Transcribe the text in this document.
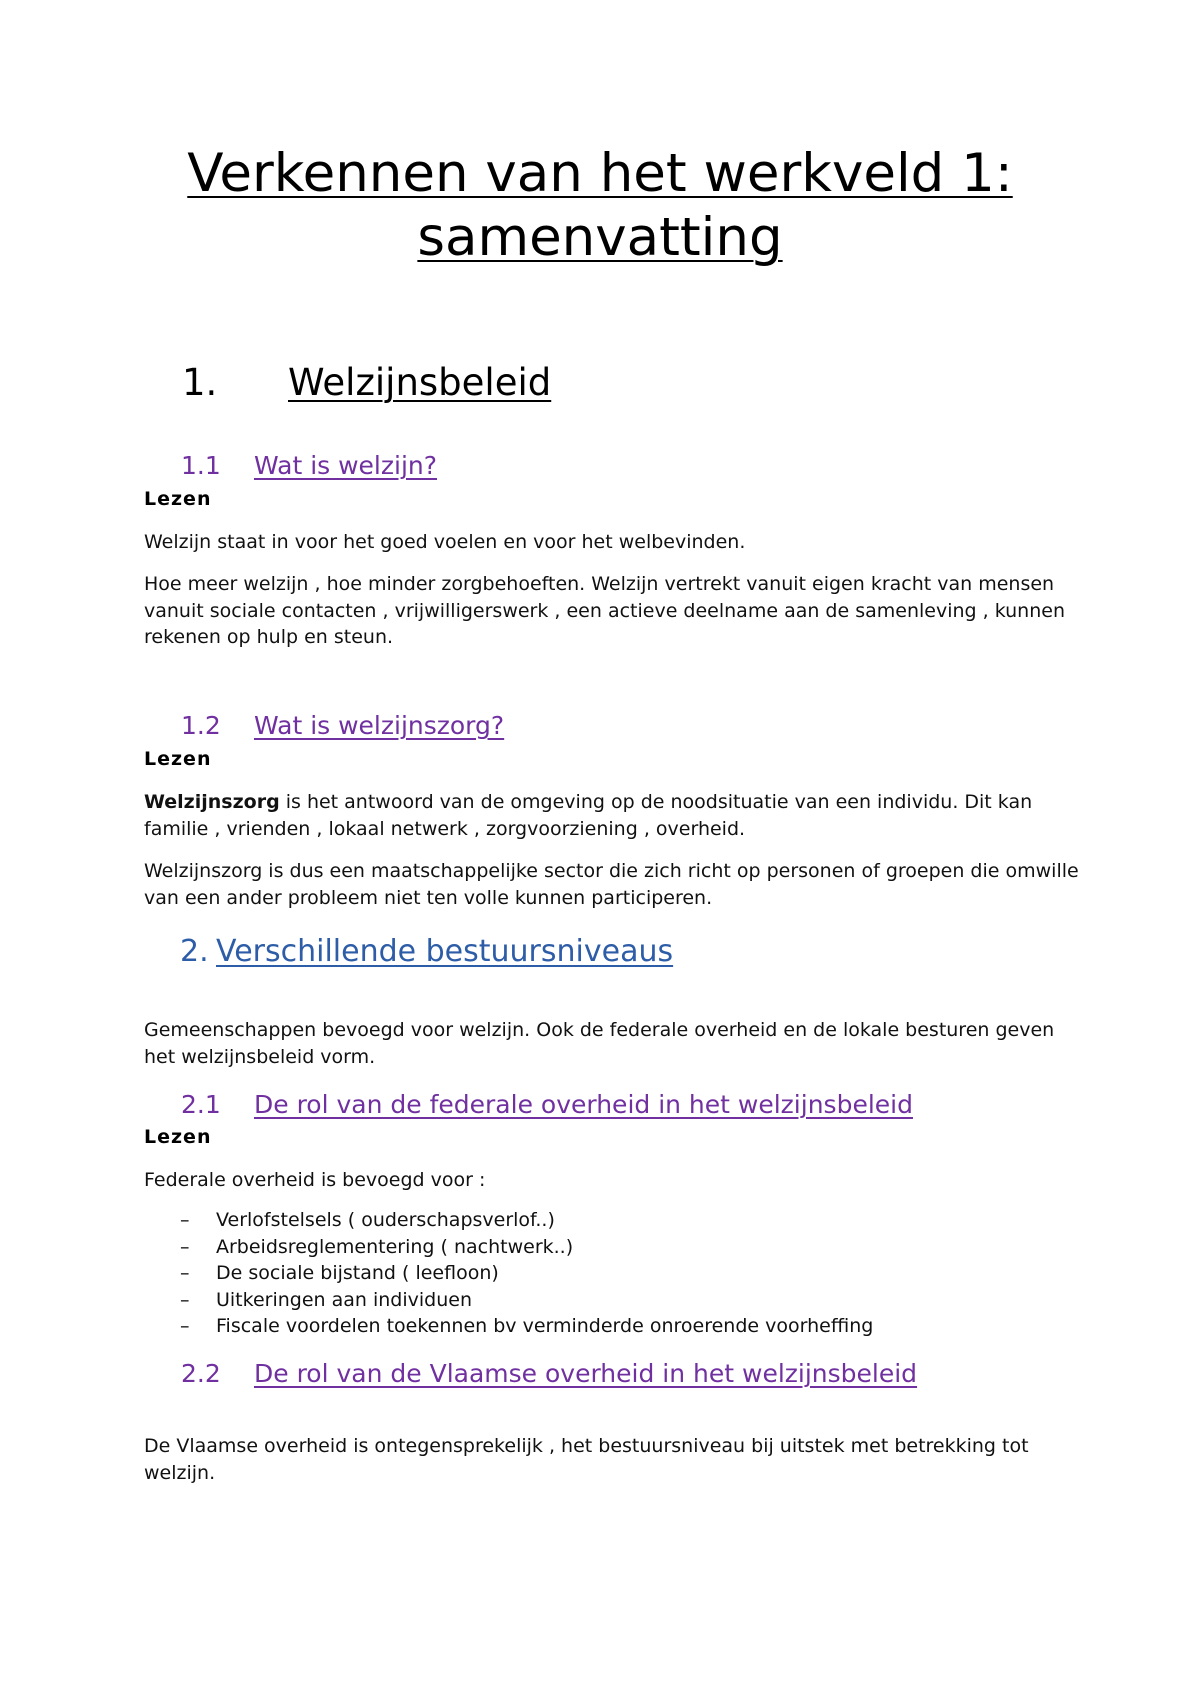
Verkennen van het werkveld 1: samenvatting
1. Welzijnsbeleid
1.1 Wat is welzijn?
Lezen
Welzijn staat in voor het goed voelen en voor het welbevinden.
Hoe meer welzijn , hoe minder zorgbehoeften. Welzijn vertrekt vanuit eigen kracht van mensen vanuit sociale contacten , vrijwilligerswerk , een actieve deelname aan de samenleving , kunnen rekenen op hulp en steun.
1.2 Wat is welzijnszorg?
Lezen
Welzijnszorg is het antwoord van de omgeving op de noodsituatie van een individu. Dit kan familie , vrienden , lokaal netwerk , zorgvoorziening , overheid.
Welzijnszorg is dus een maatschappelijke sector die zich richt op personen of groepen die omwille van een ander probleem niet ten volle kunnen participeren.
2. Verschillende bestuursniveaus
Gemeenschappen bevoegd voor welzijn. Ook de federale overheid en de lokale besturen geven het welzijnsbeleid vorm.
2.1 De rol van de federale overheid in het welzijnsbeleid
Lezen
Federale overheid is bevoegd voor :
– Verlofstelsels ( ouderschapsverlof..)
– Arbeidsreglementering ( nachtwerk..)
– De sociale bijstand ( leefloon)
– Uitkeringen aan individuen
– Fiscale voordelen toekennen bv verminderde onroerende voorheffing
2.2 De rol van de Vlaamse overheid in het welzijnsbeleid
De Vlaamse overheid is ontegensprekelijk , het bestuursniveau bij uitstek met betrekking tot welzijn.
